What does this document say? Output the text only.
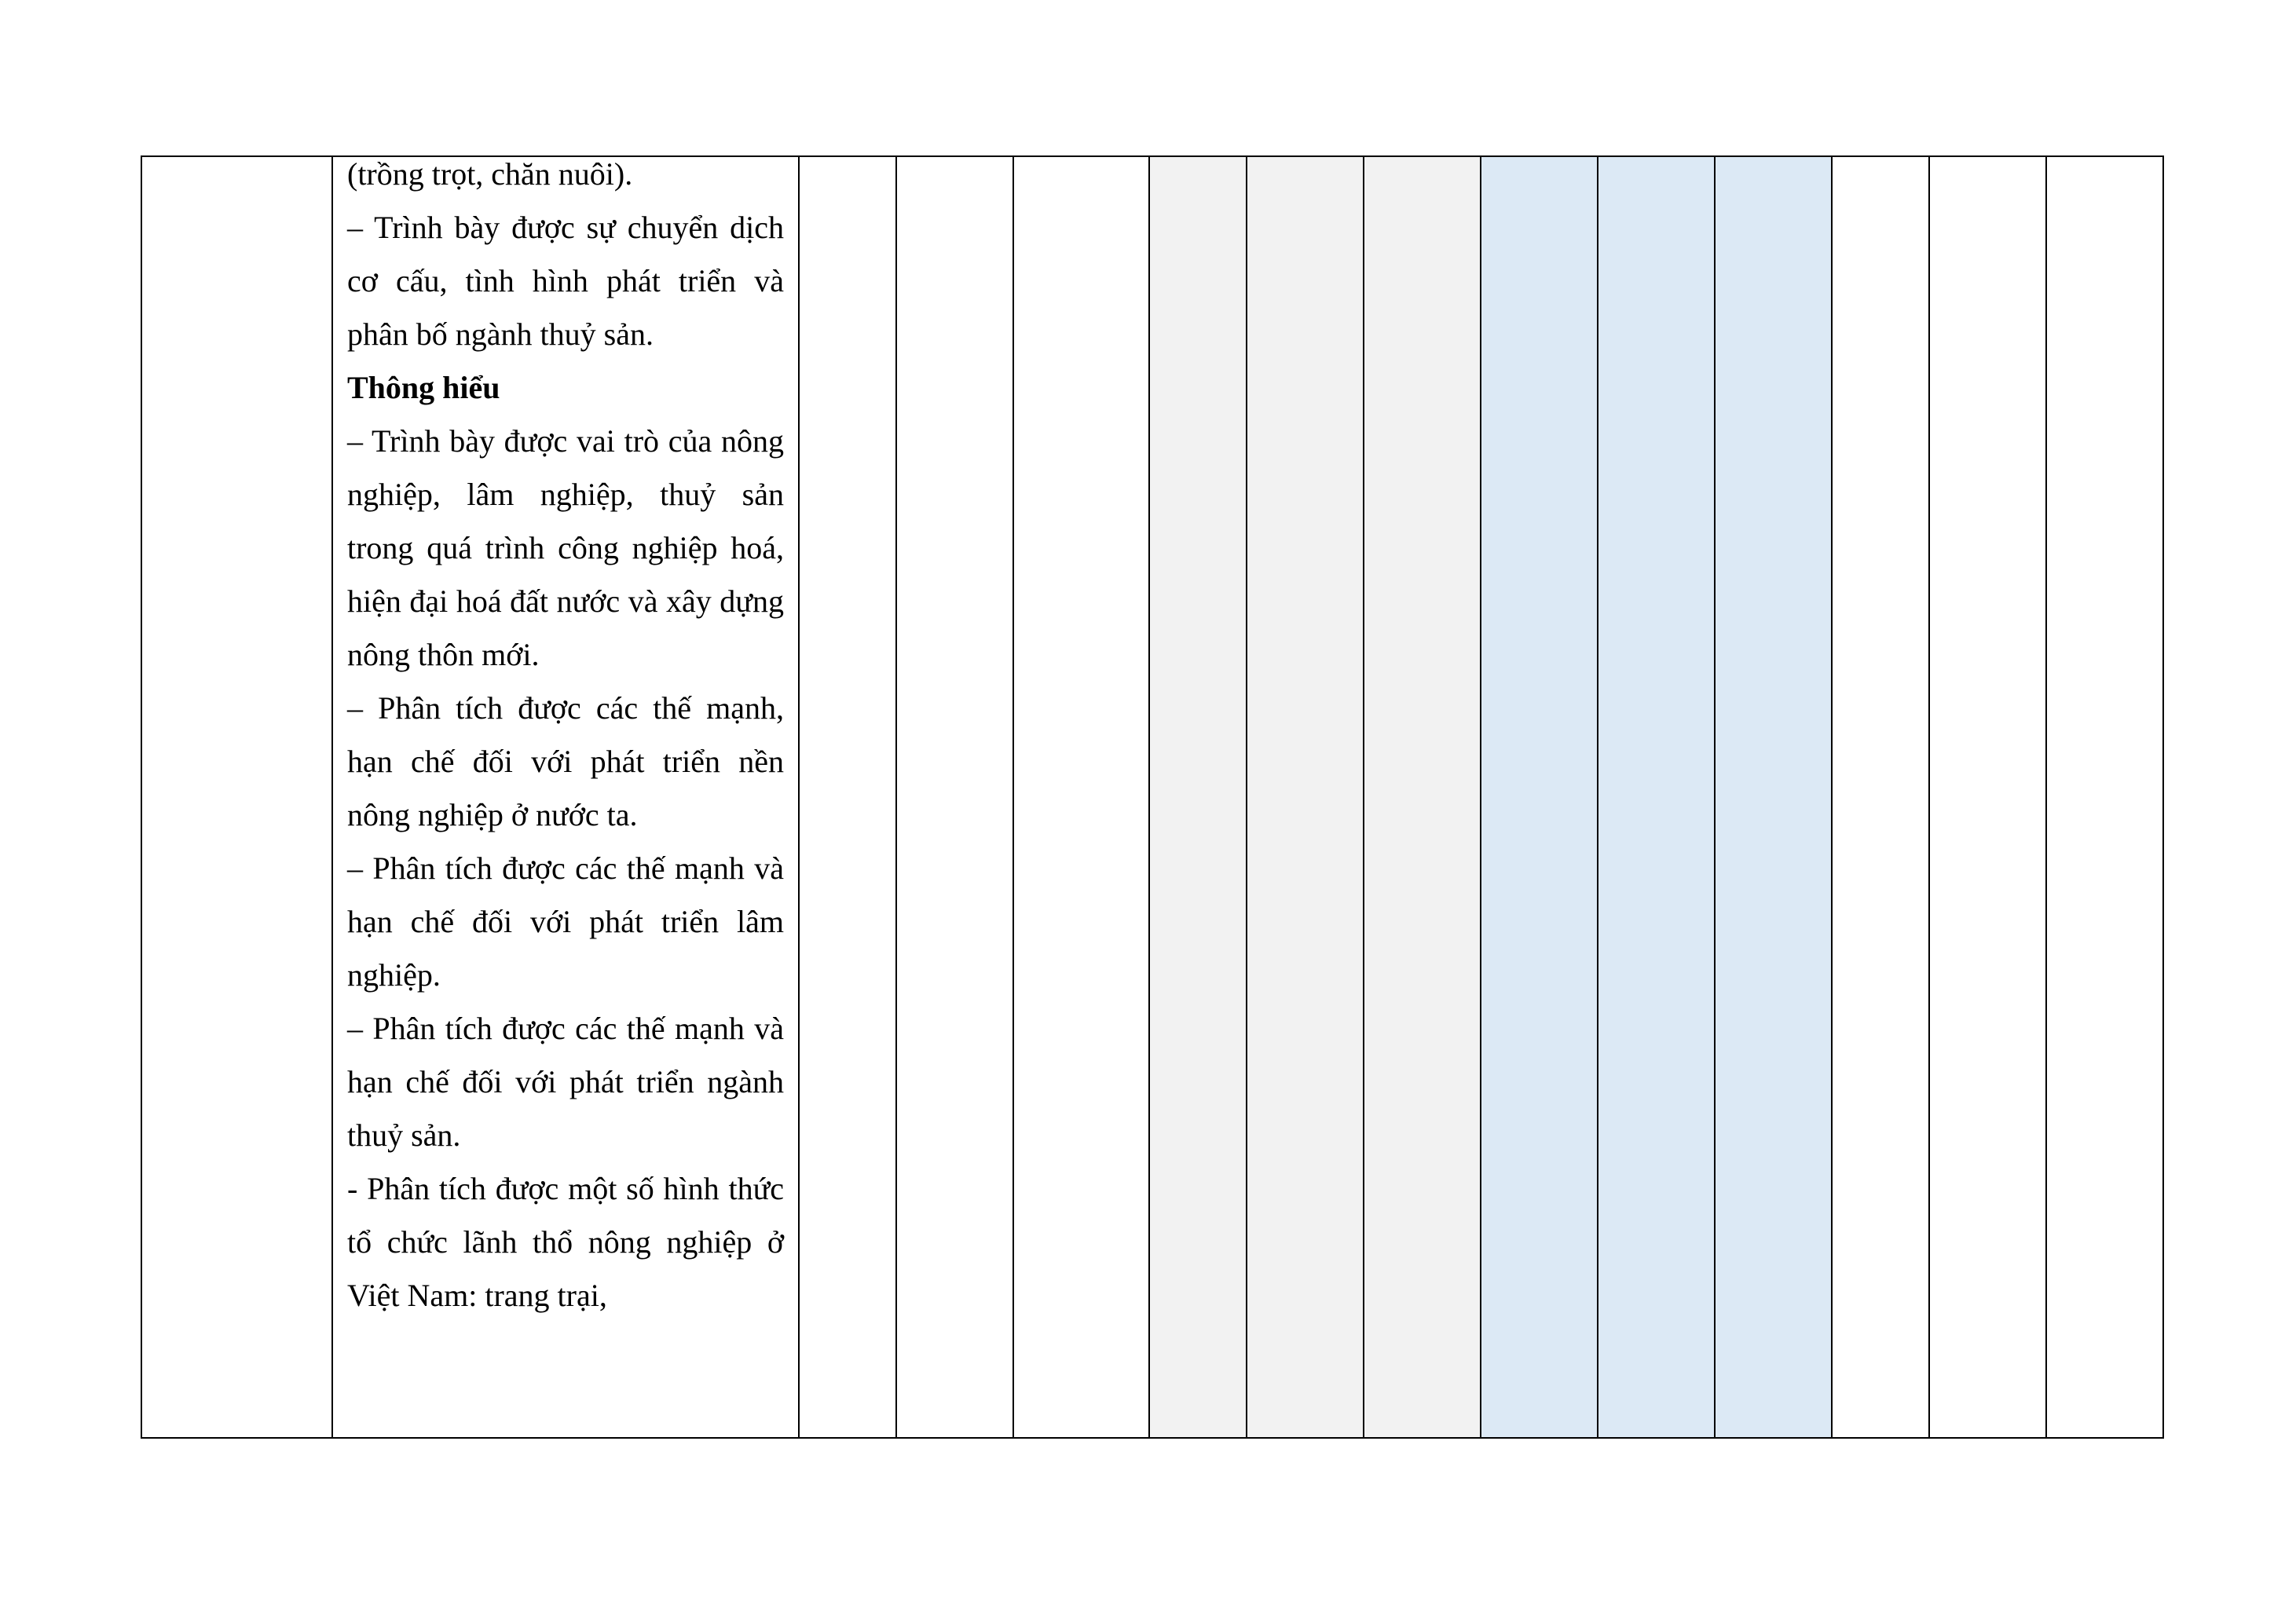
(trồng trọt, chăn nuôi).

– Trình bày được sự chuyển dịch cơ cấu, tình hình phát triển và phân bố ngành thuỷ sản.

Thông hiểu

– Trình bày được vai trò của nông nghiệp, lâm nghiệp, thuỷ sản trong quá trình công nghiệp hoá, hiện đại hoá đất nước và xây dựng nông thôn mới.

– Phân tích được các thế mạnh, hạn chế đối với phát triển nền nông nghiệp ở nước ta.

– Phân tích được các thế mạnh và hạn chế đối với phát triển lâm nghiệp.

– Phân tích được các thế mạnh và hạn chế đối với phát triển ngành thuỷ sản.

- Phân tích được một số hình thức tổ chức lãnh thổ nông nghiệp ở Việt Nam: trang trại,
